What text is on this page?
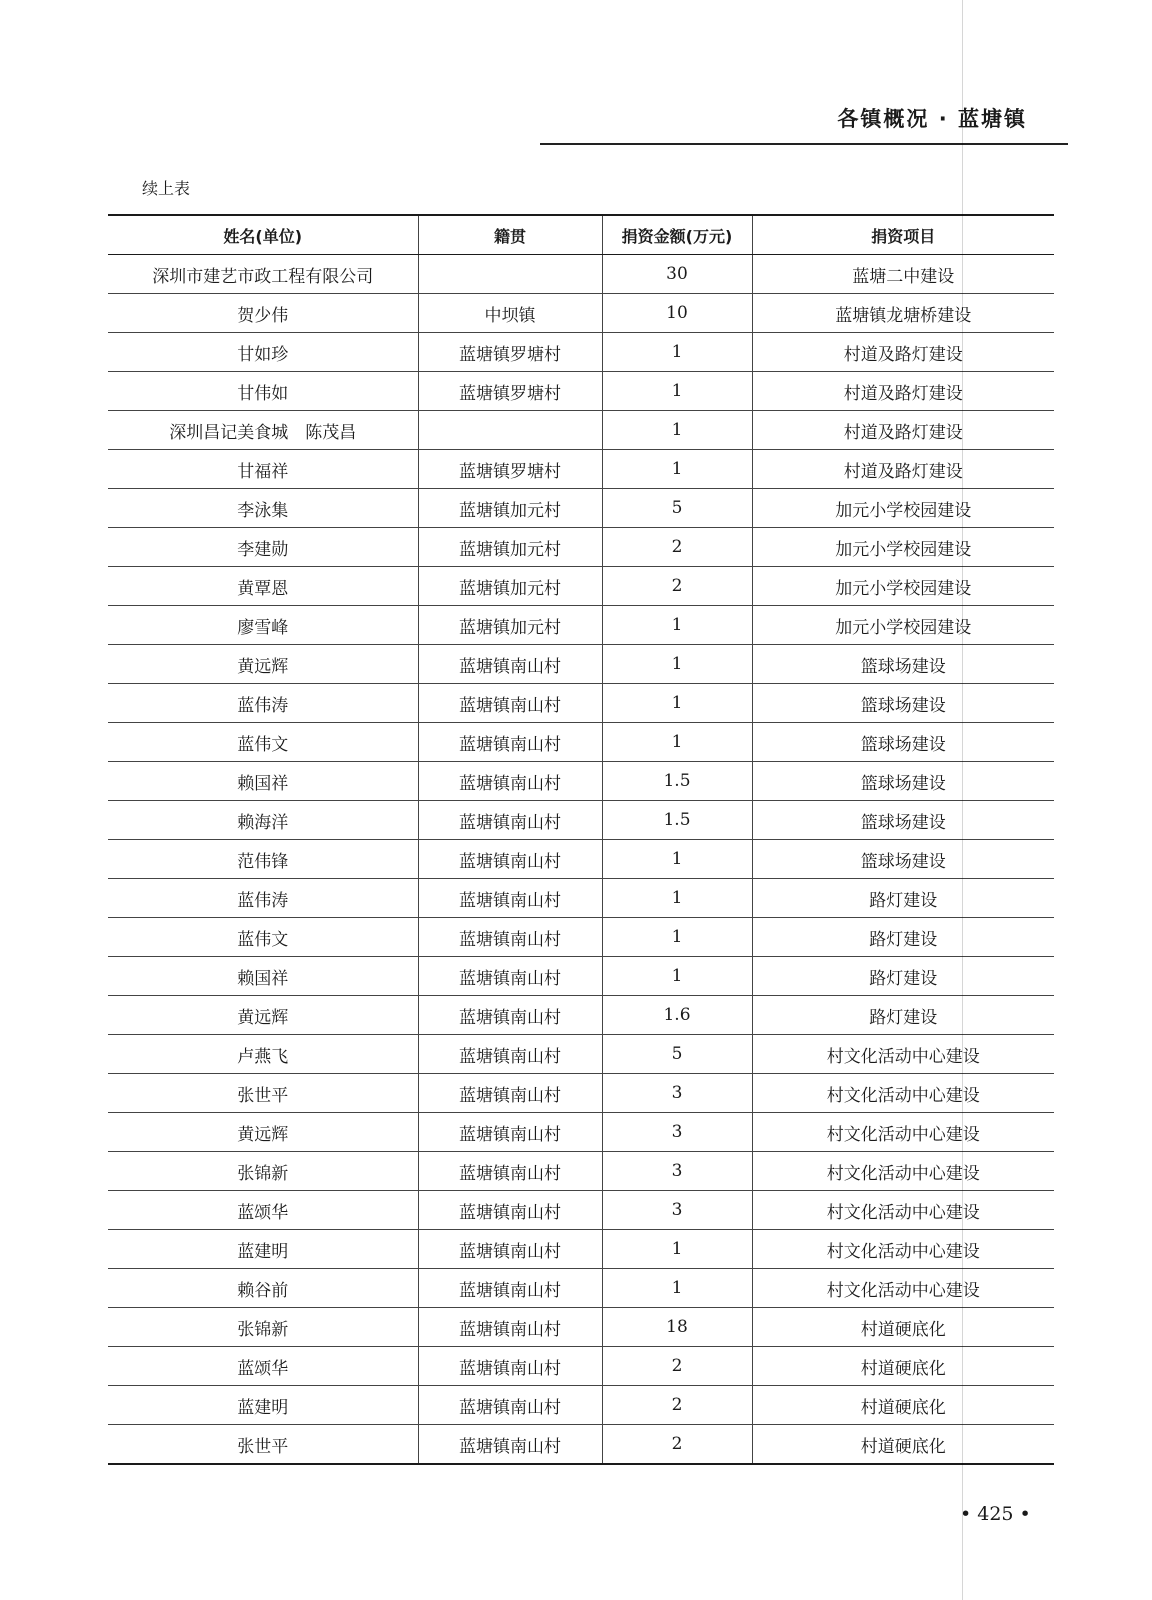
各镇概况 · 蓝塘镇
续上表
姓名(单位)	籍贯	捐资金额(万元)	捐资项目
深圳市建艺市政工程有限公司		30	蓝塘二中建设
贺少伟	中坝镇	10	蓝塘镇龙塘桥建设
甘如珍	蓝塘镇罗塘村	1	村道及路灯建设
甘伟如	蓝塘镇罗塘村	1	村道及路灯建设
深圳昌记美食城　陈茂昌		1	村道及路灯建设
甘福祥	蓝塘镇罗塘村	1	村道及路灯建设
李泳集	蓝塘镇加元村	5	加元小学校园建设
李建勋	蓝塘镇加元村	2	加元小学校园建设
黄覃恩	蓝塘镇加元村	2	加元小学校园建设
廖雪峰	蓝塘镇加元村	1	加元小学校园建设
黄远辉	蓝塘镇南山村	1	篮球场建设
蓝伟涛	蓝塘镇南山村	1	篮球场建设
蓝伟文	蓝塘镇南山村	1	篮球场建设
赖国祥	蓝塘镇南山村	1.5	篮球场建设
赖海洋	蓝塘镇南山村	1.5	篮球场建设
范伟锋	蓝塘镇南山村	1	篮球场建设
蓝伟涛	蓝塘镇南山村	1	路灯建设
蓝伟文	蓝塘镇南山村	1	路灯建设
赖国祥	蓝塘镇南山村	1	路灯建设
黄远辉	蓝塘镇南山村	1.6	路灯建设
卢燕飞	蓝塘镇南山村	5	村文化活动中心建设
张世平	蓝塘镇南山村	3	村文化活动中心建设
黄远辉	蓝塘镇南山村	3	村文化活动中心建设
张锦新	蓝塘镇南山村	3	村文化活动中心建设
蓝颂华	蓝塘镇南山村	3	村文化活动中心建设
蓝建明	蓝塘镇南山村	1	村文化活动中心建设
赖谷前	蓝塘镇南山村	1	村文化活动中心建设
张锦新	蓝塘镇南山村	18	村道硬底化
蓝颂华	蓝塘镇南山村	2	村道硬底化
蓝建明	蓝塘镇南山村	2	村道硬底化
张世平	蓝塘镇南山村	2	村道硬底化
• 425 •
